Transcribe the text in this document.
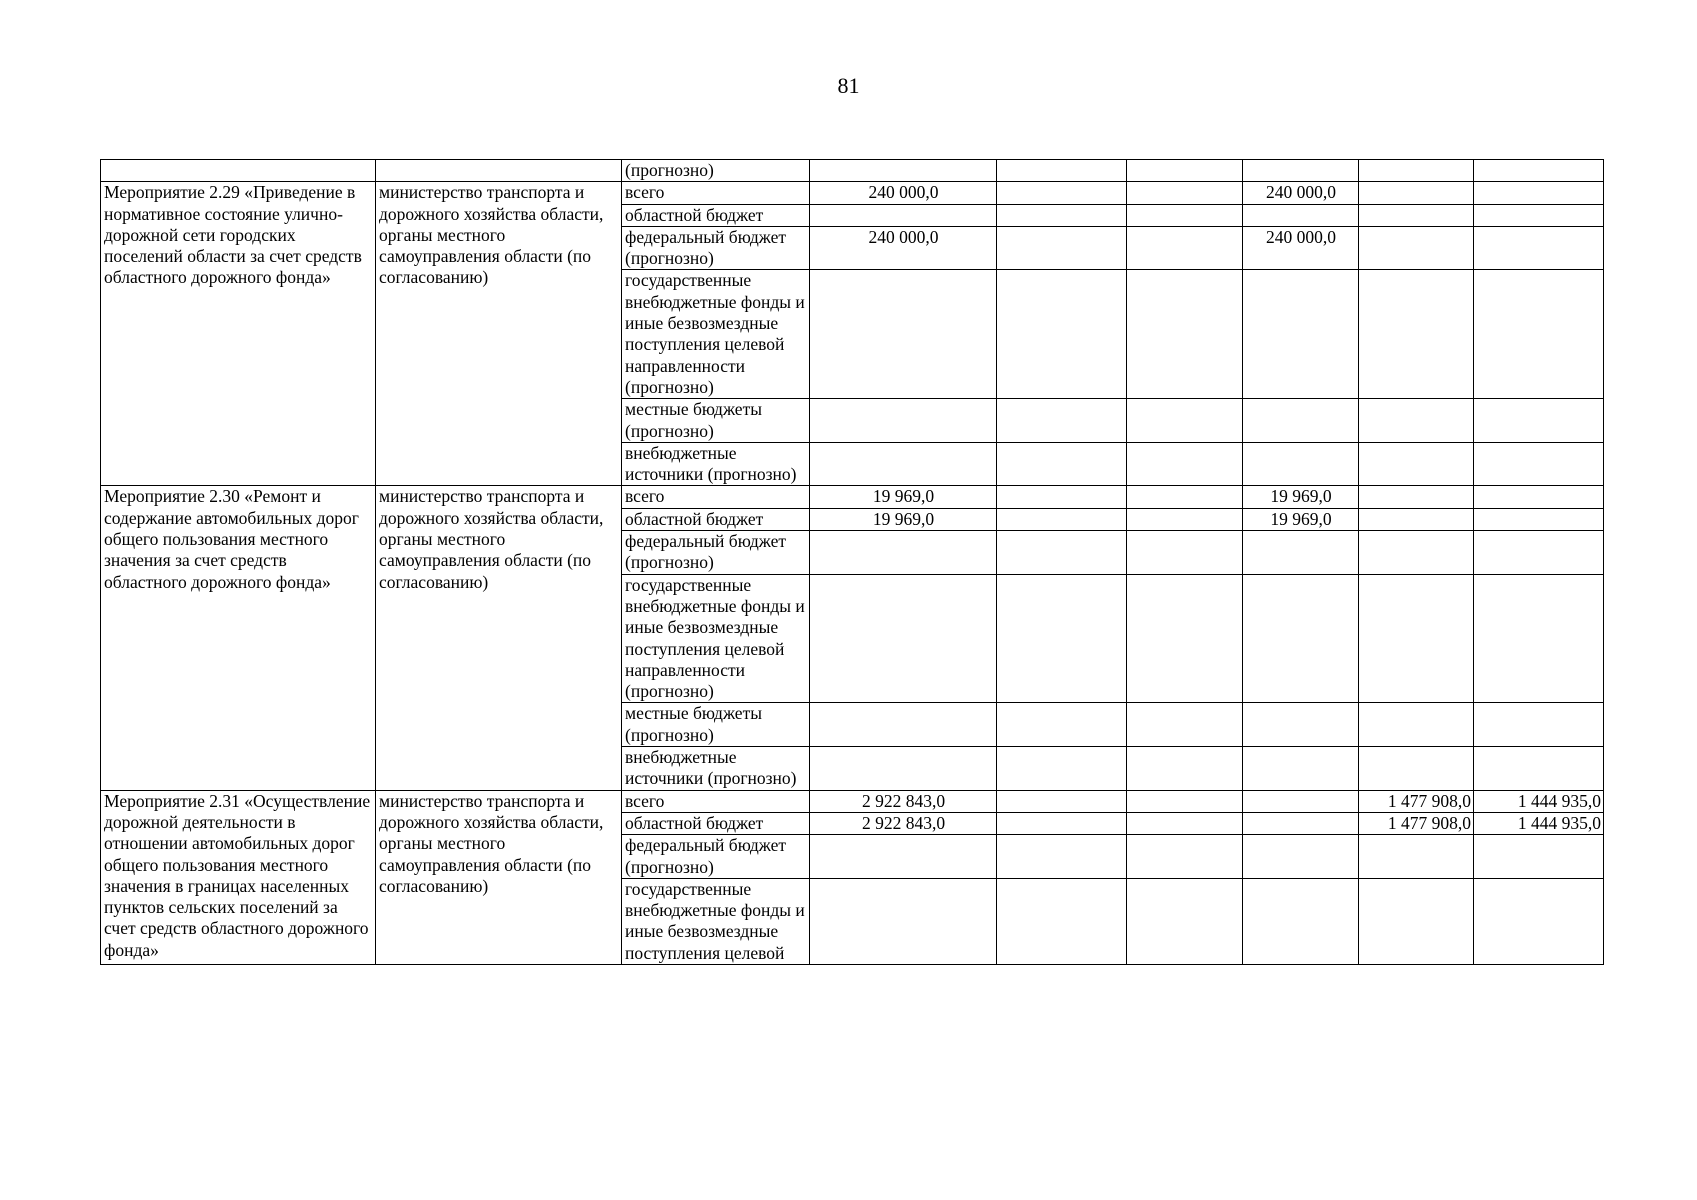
81
		(прогнозно)						
Мероприятие 2.29 «Приведение в нормативное состояние улично-дорожной сети городских поселений области за счет средств областного дорожного фонда»	министерство транспорта и дорожного хозяйства области, органы местного самоуправления области (по согласованию)	всего	240 000,0			240 000,0		
		областной бюджет						
		федеральный бюджет (прогнозно)	240 000,0			240 000,0		
		государственные внебюджетные фонды и иные безвозмездные поступления целевой направленности (прогнозно)						
		местные бюджеты (прогнозно)						
		внебюджетные источники (прогнозно)						
Мероприятие 2.30 «Ремонт и содержание автомобильных дорог общего пользования местного значения за счет средств областного дорожного фонда»	министерство транспорта и дорожного хозяйства области, органы местного самоуправления области (по согласованию)	всего	19 969,0			19 969,0		
		областной бюджет	19 969,0			19 969,0		
		федеральный бюджет (прогнозно)						
		государственные внебюджетные фонды и иные безвозмездные поступления целевой направленности (прогнозно)						
		местные бюджеты (прогнозно)						
		внебюджетные источники (прогнозно)						
Мероприятие 2.31 «Осуществление дорожной деятельности в отношении автомобильных дорог общего пользования местного значения в границах населенных пунктов сельских поселений за счет средств областного дорожного фонда»	министерство транспорта и дорожного хозяйства области, органы местного самоуправления области (по согласованию)	всего	2 922 843,0				1 477 908,0	1 444 935,0
		областной бюджет	2 922 843,0				1 477 908,0	1 444 935,0
		федеральный бюджет (прогнозно)						
		государственные внебюджетные фонды и иные безвозмездные поступления целевой						
